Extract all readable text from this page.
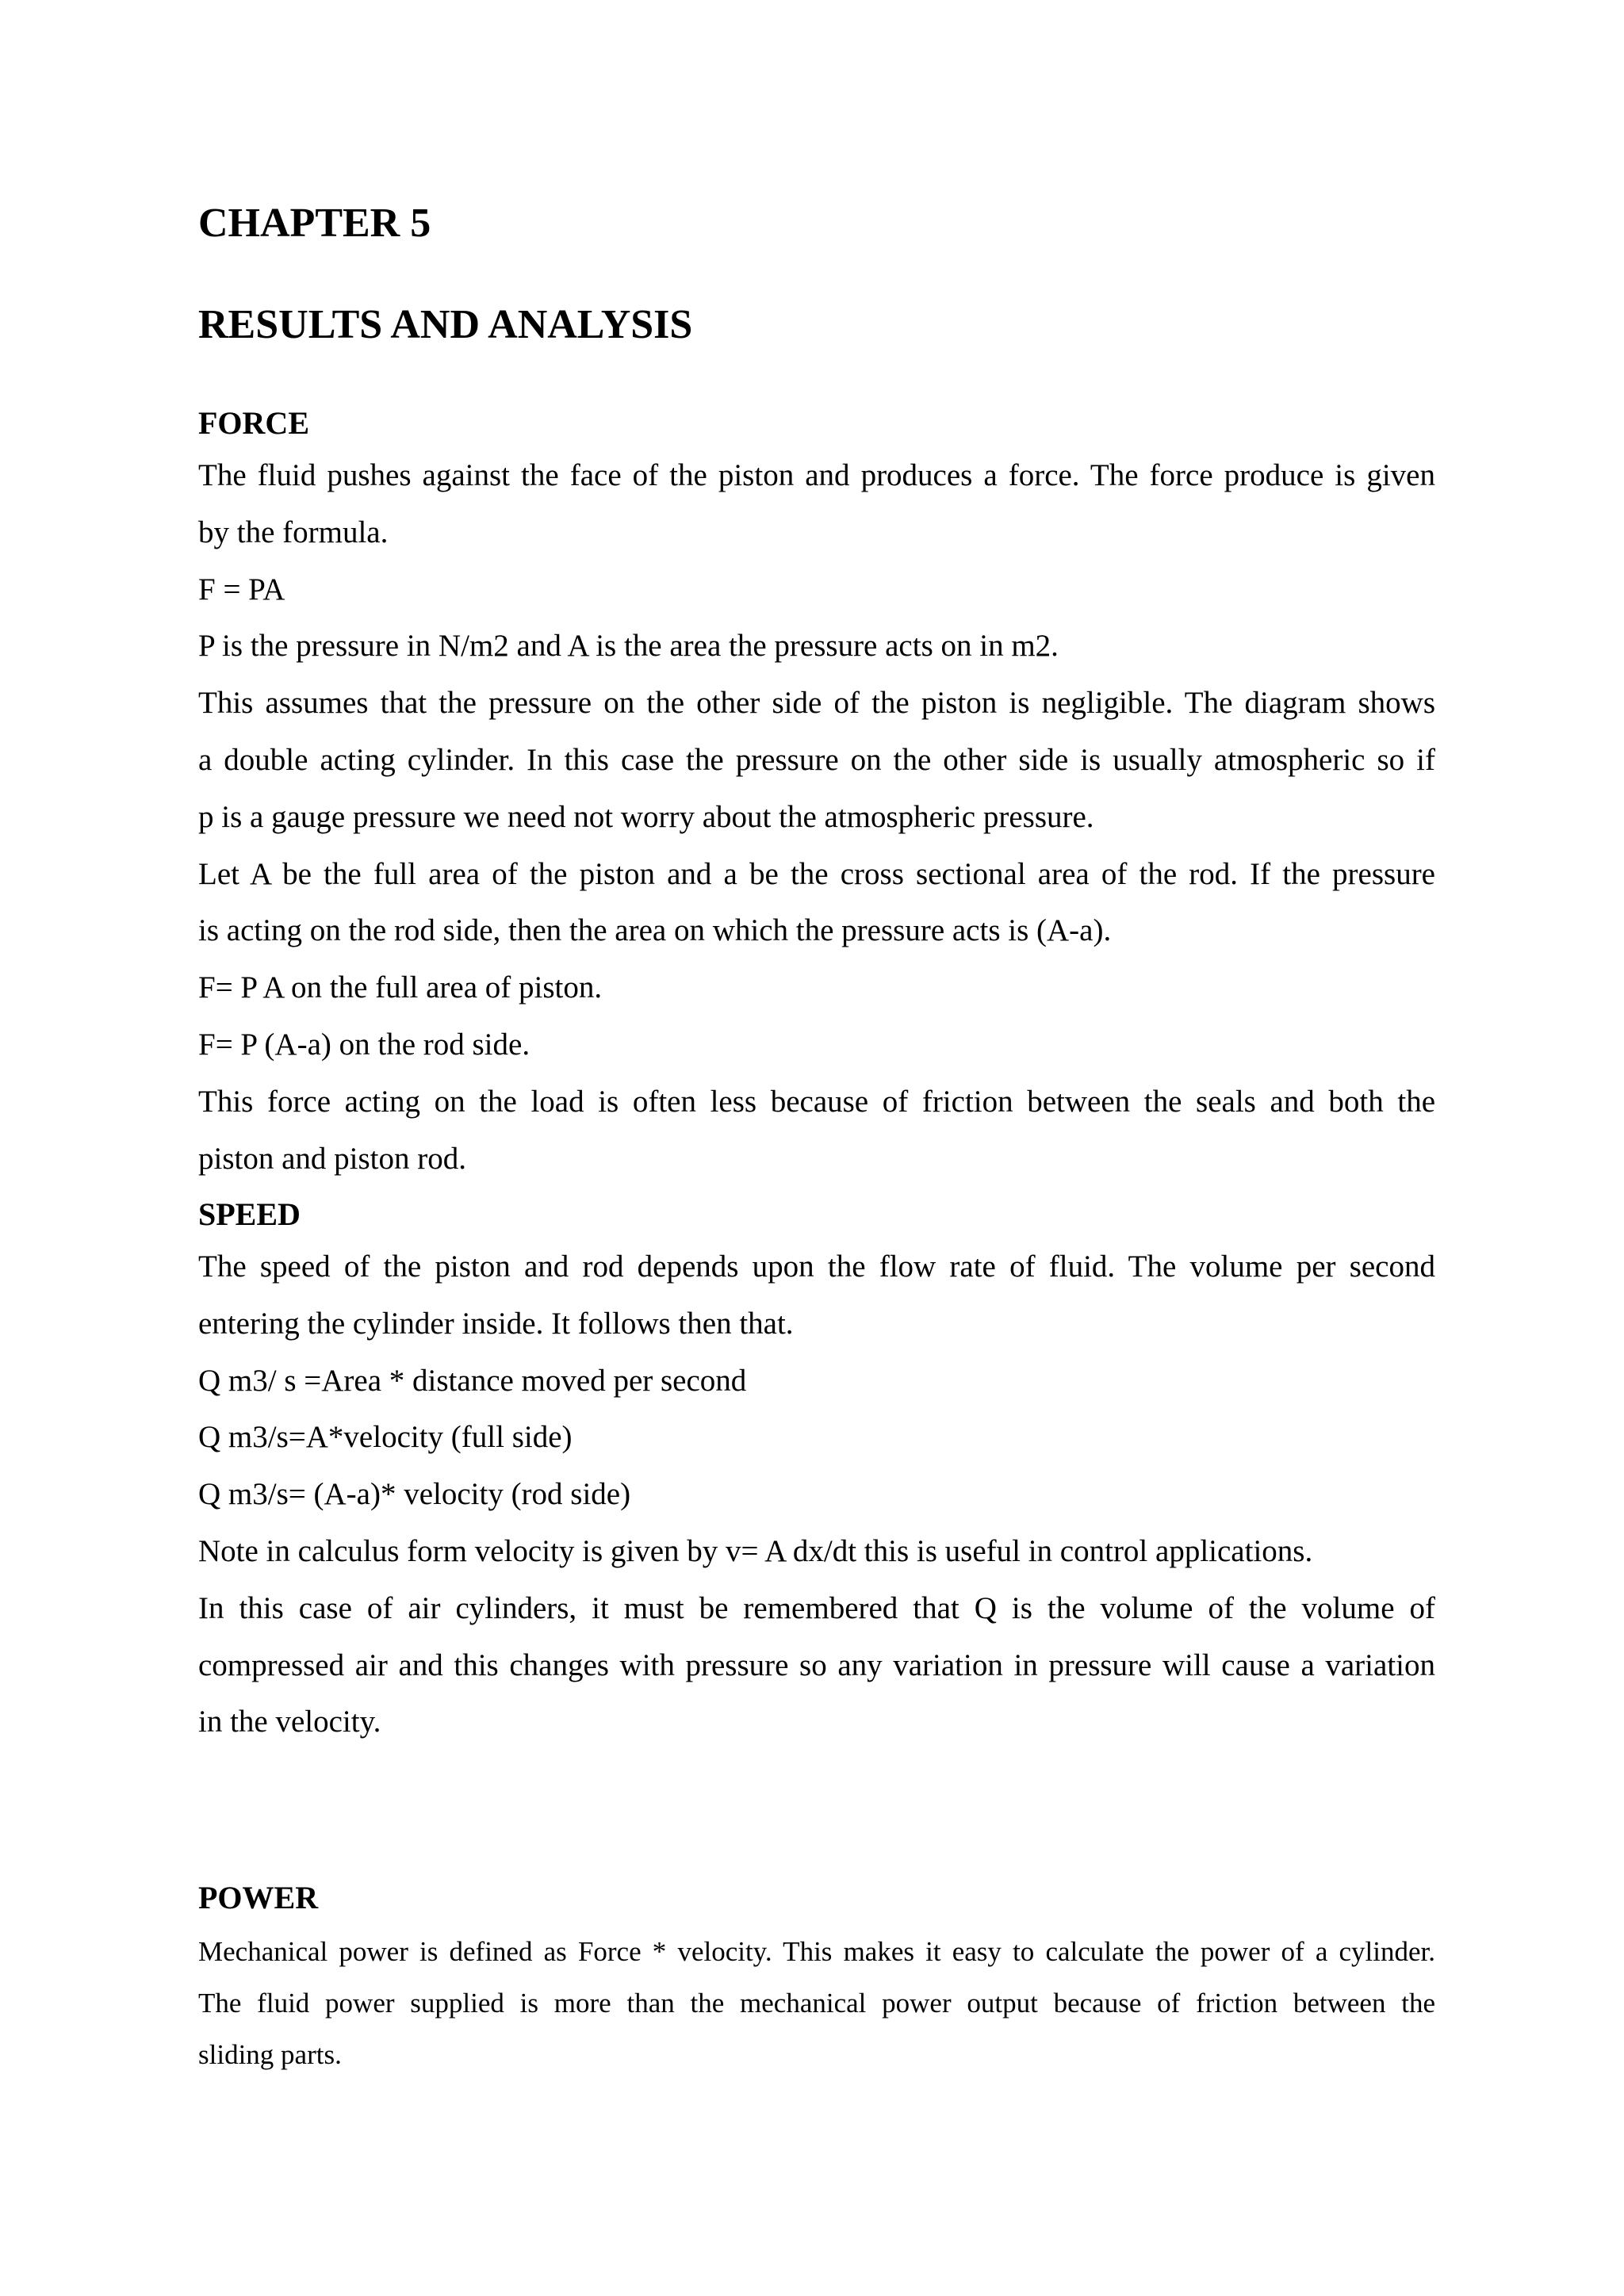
CHAPTER 5
RESULTS AND ANALYSIS
FORCE

The fluid pushes against the face of the piston and produces a force. The force produce is given

by the formula.

F = PA

P is the pressure in N/m2 and A is the area the pressure acts on in m2.

This assumes that the pressure on the other side of the piston is negligible. The diagram shows

a double acting cylinder. In this case the pressure on the other side is usually atmospheric so if

p is a gauge pressure we need not worry about the atmospheric pressure.

Let A be the full area of the piston and a be the cross sectional area of the rod. If the pressure

is acting on the rod side, then the area on which the pressure acts is (A-a).

F= P A on the full area of piston.

F= P (A-a) on the rod side.

This force acting on the load is often less because of friction between the seals and both the

piston and piston rod.

SPEED

The speed of the piston and rod depends upon the flow rate of fluid. The volume per second

entering the cylinder inside. It follows then that.

Q m3/ s =Area * distance moved per second

Q m3/s=A*velocity (full side)

Q m3/s= (A-a)* velocity (rod side)

Note in calculus form velocity is given by v= A dx/dt this is useful in control applications.

In this case of air cylinders, it must be remembered that Q is the volume of the volume of

compressed air and this changes with pressure so any variation in pressure will cause a variation

in the velocity.

POWER

Mechanical power is defined as Force * velocity. This makes it easy to calculate the power of a cylinder.

The fluid power supplied is more than the mechanical power output because of friction between the

sliding parts.
